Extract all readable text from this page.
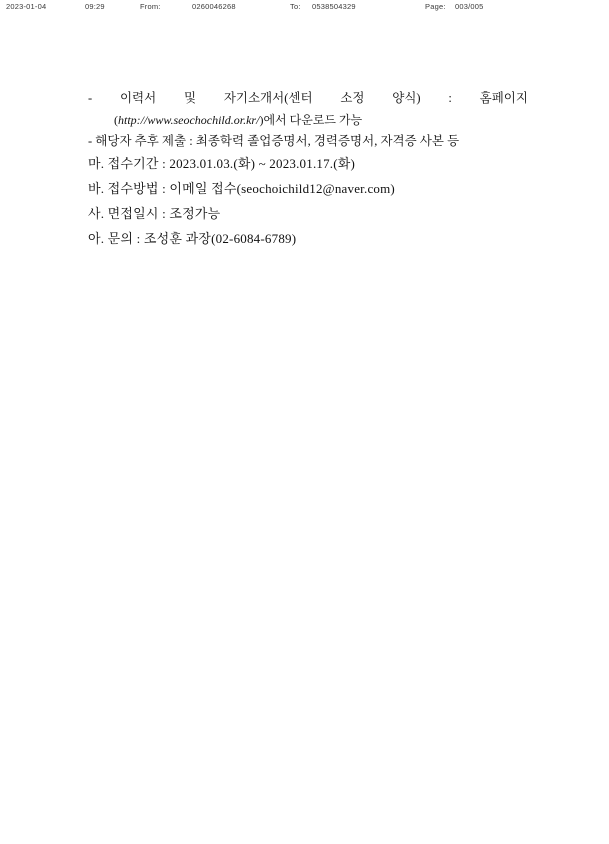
2023-01-04	09:29	From:	0260046268	To: 0538504329	Page: 003/005
- 이력서 및 자기소개서(센터 소정 양식) : 홈페이지
(http://www.seochochild.or.kr/)에서 다운로드 가능
- 해당자 추후 제출 : 최종학력 졸업증명서, 경력증명서, 자격증 사본 등
마. 접수기간 : 2023.01.03.(화) ~ 2023.01.17.(화)
바. 접수방법 : 이메일 접수(seochoichild12@naver.com)
사. 면접일시 : 조정가능
아. 문의 : 조성훈 과장(02-6084-6789)
